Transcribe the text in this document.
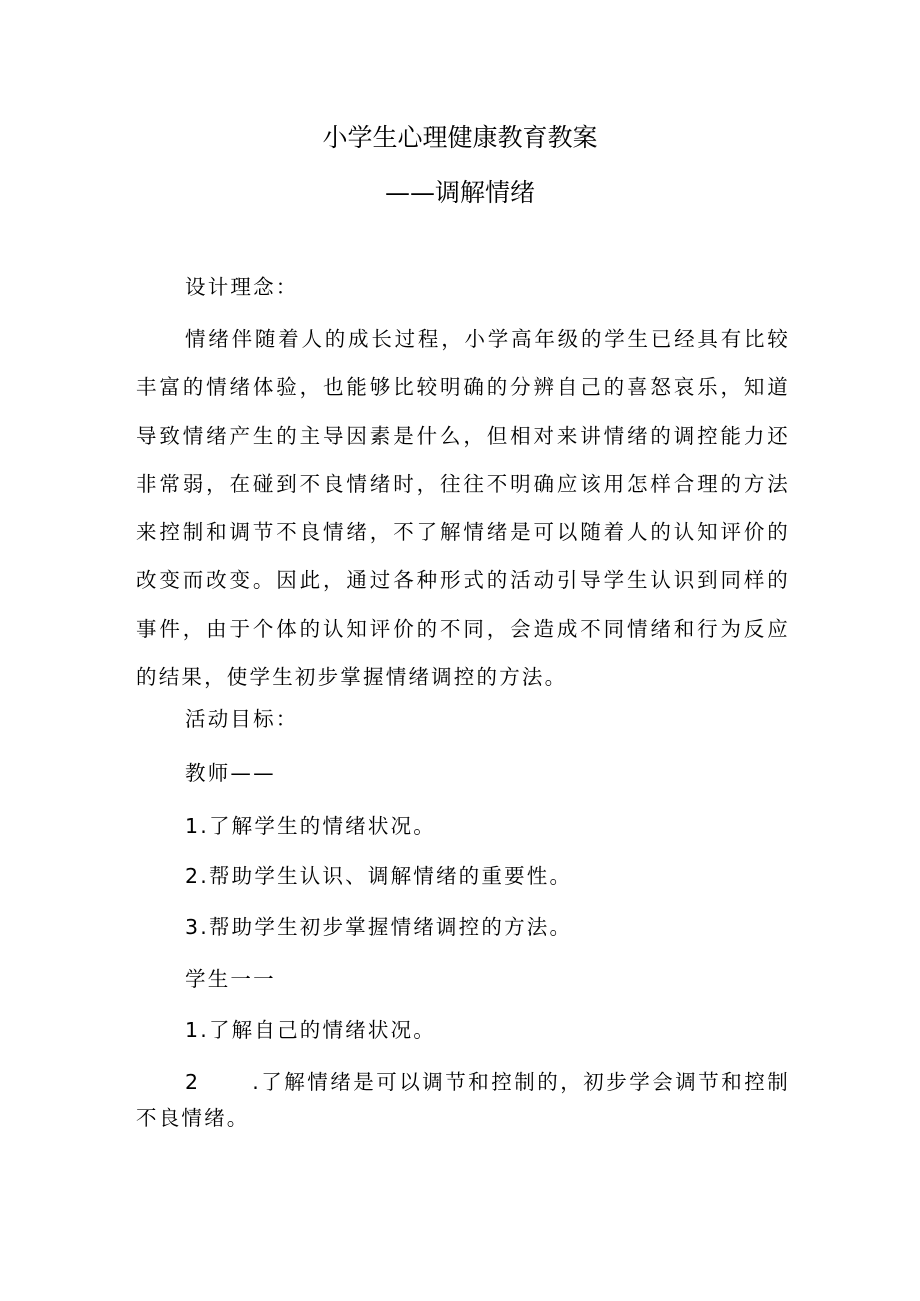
小学生心理健康教育教案
——调解情绪
设计理念：

情绪伴随着人的成长过程，小学高年级的学生已经具有比较丰富的情绪体验，也能够比较明确的分辨自己的喜怒哀乐，知道导致情绪产生的主导因素是什么，但相对来讲情绪的调控能力还非常弱，在碰到不良情绪时，往往不明确应该用怎样合理的方法来控制和调节不良情绪，不了解情绪是可以随着人的认知评价的改变而改变。因此，通过各种形式的活动引导学生认识到同样的事件，由于个体的认知评价的不同，会造成不同情绪和行为反应的结果，使学生初步掌握情绪调控的方法。

活动目标：
教师——
1.了解学生的情绪状况。
2.帮助学生认识、调解情绪的重要性。
3.帮助学生初步掌握情绪调控的方法。
学生一一
1.了解自己的情绪状况。

2	.了解情绪是可以调节和控制的，初步学会调节和控制不良情绪。
